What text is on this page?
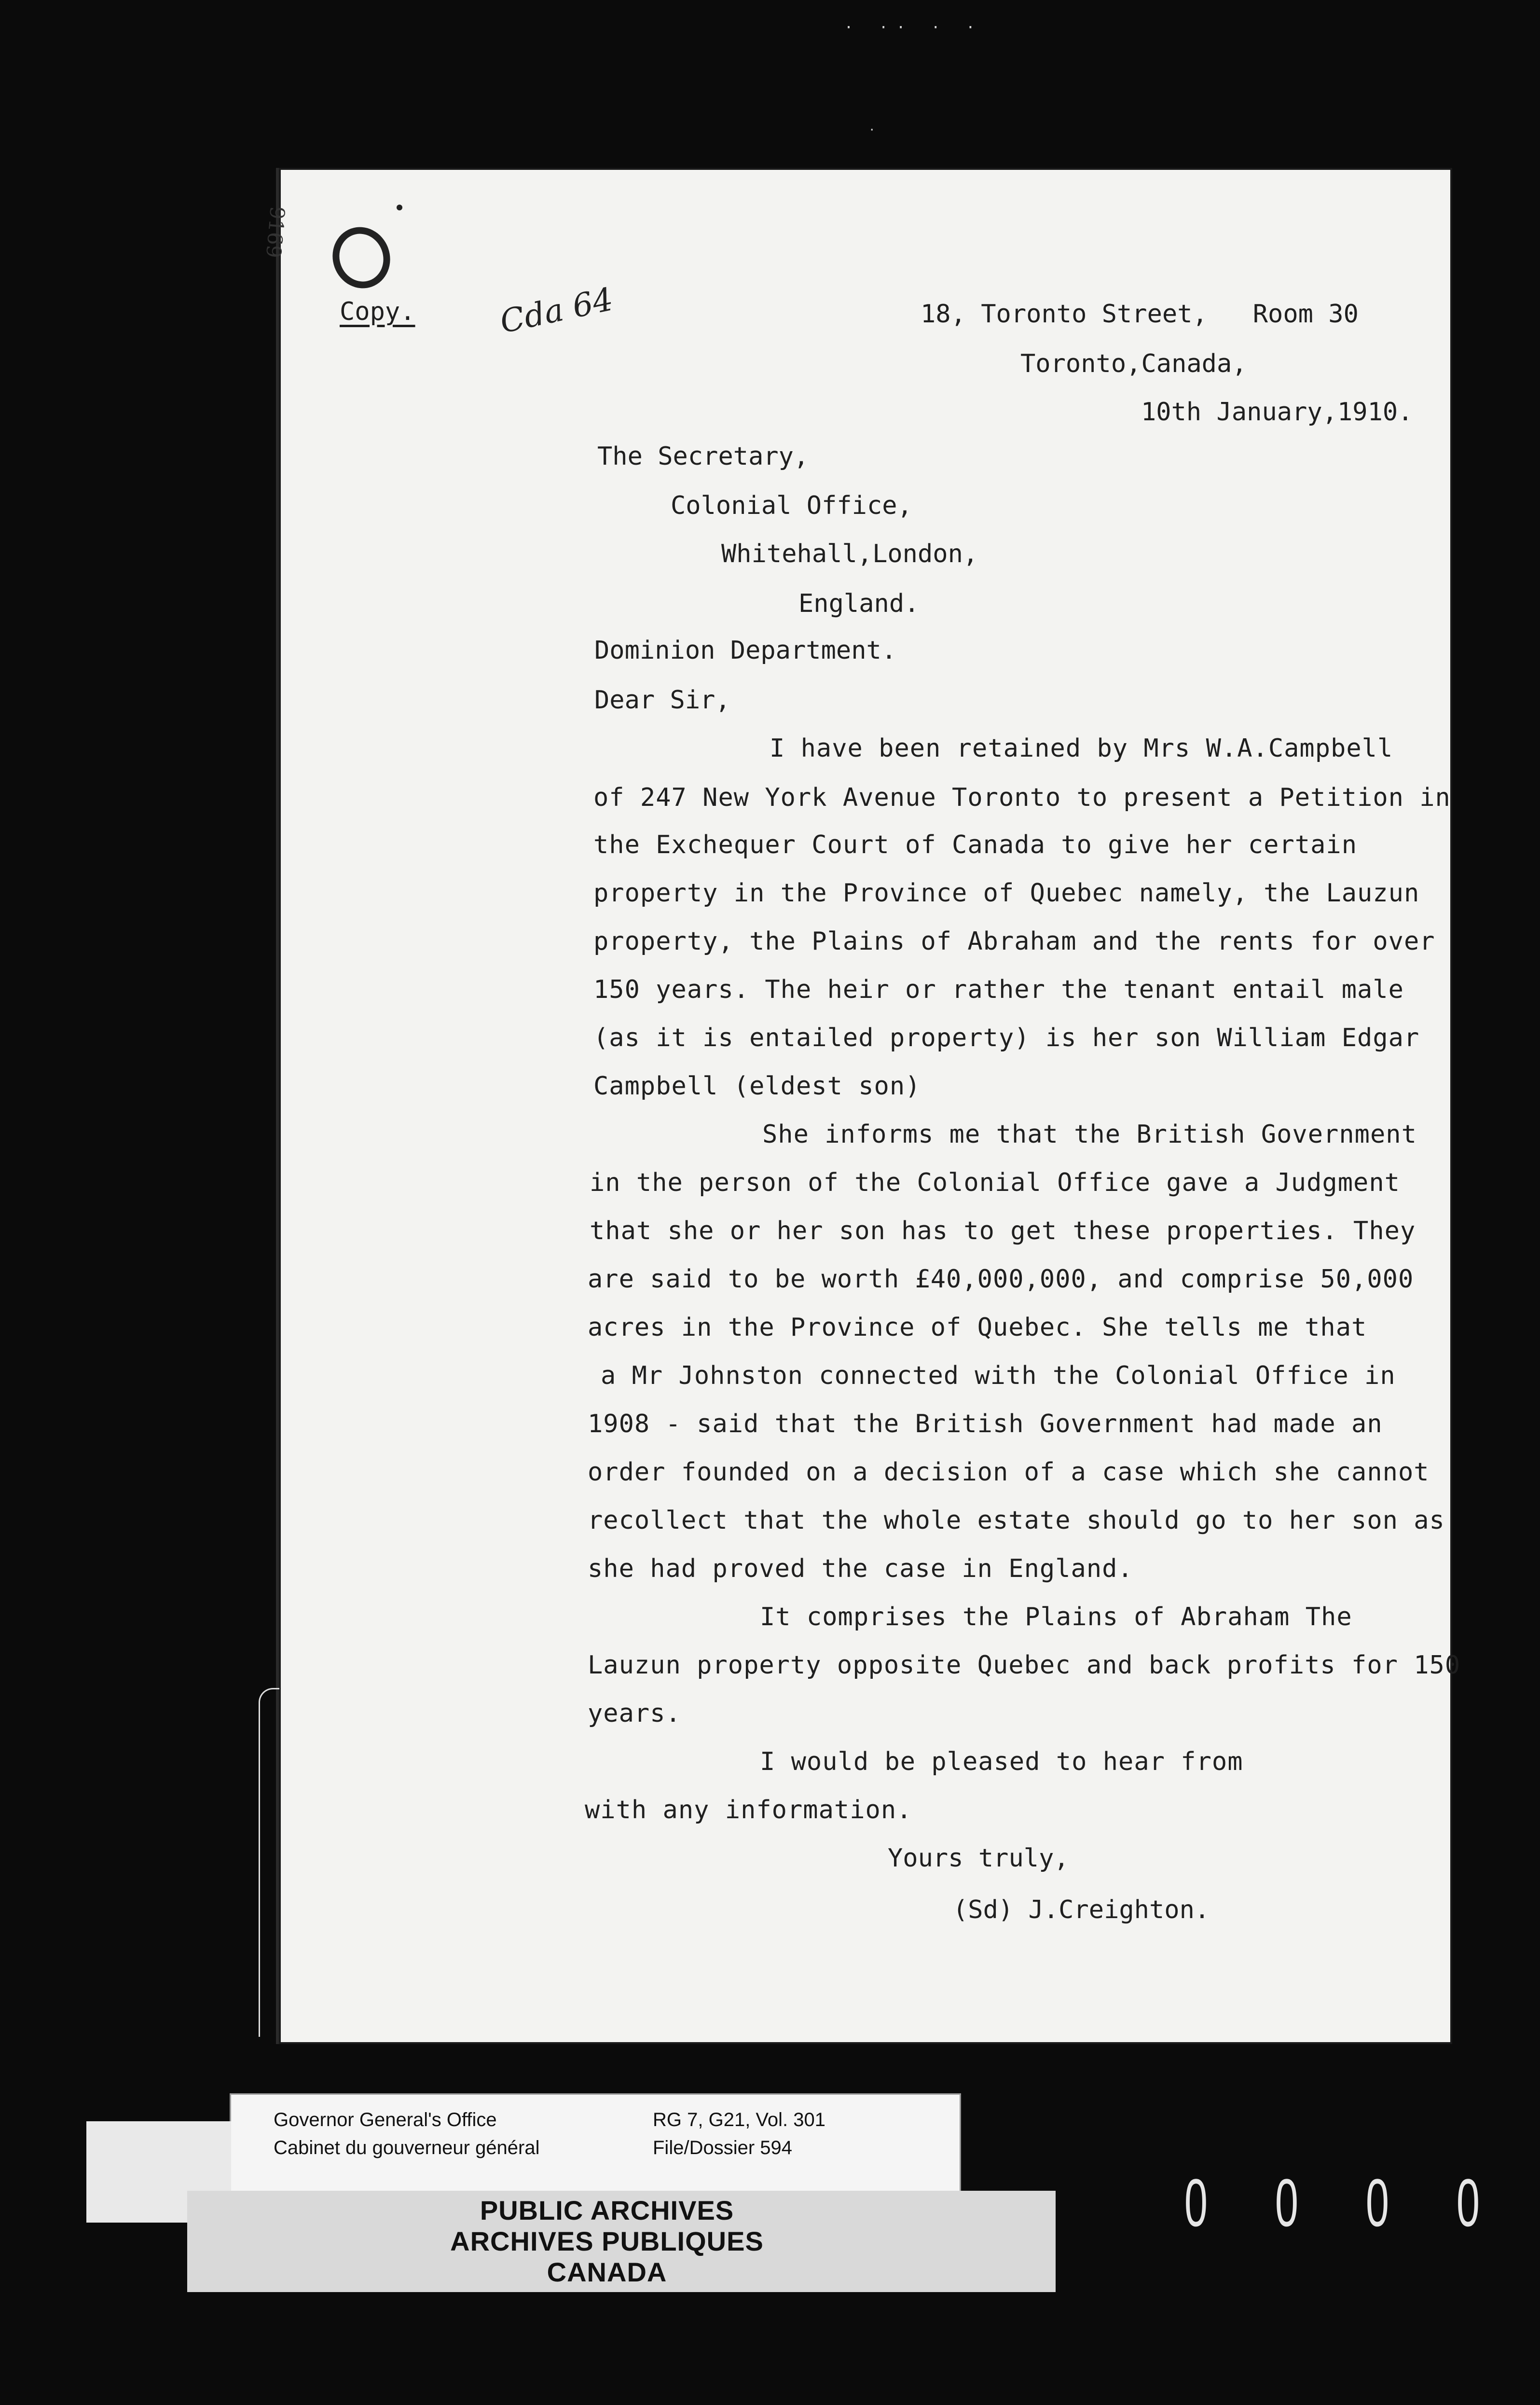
· ·· · ·
·
9169
Cda 64
Copy.	18, Toronto Street,   Room 30
Toronto,Canada,
10th January,1910.
The Secretary,
Colonial Office,
Whitehall,London,
England.
Dominion Department.
Dear Sir,
I have been retained by Mrs W.A.Campbell
of 247 New York Avenue Toronto to present a Petition in
the Exchequer Court of Canada to give her certain
property in the Province of Quebec namely, the Lauzun
property, the Plains of Abraham and the rents for over
150 years. The heir or rather the tenant entail male
(as it is entailed property) is her son William Edgar
Campbell (eldest son)
She informs me that the British Government
in the person of the Colonial Office gave a Judgment
that she or her son has to get these properties. They
are said to be worth £40,000,000, and comprise 50,000
acres in the Province of Quebec. She tells me that
a Mr Johnston connected with the Colonial Office in
1908 - said that the British Government had made an
order founded on a decision of a case which she cannot
recollect that the whole estate should go to her son as
she had proved the case in England.
It comprises the Plains of Abraham The
Lauzun property opposite Quebec and back profits for 150
years.
I would be pleased to hear from
with any information.
Yours truly,
(Sd) J.Creighton.
Governor General's Office
Cabinet du gouverneur général
RG 7, G21, Vol. 301
File/Dossier 594
PUBLIC ARCHIVES
ARCHIVES PUBLIQUES
CANADA
0 0 0 0
